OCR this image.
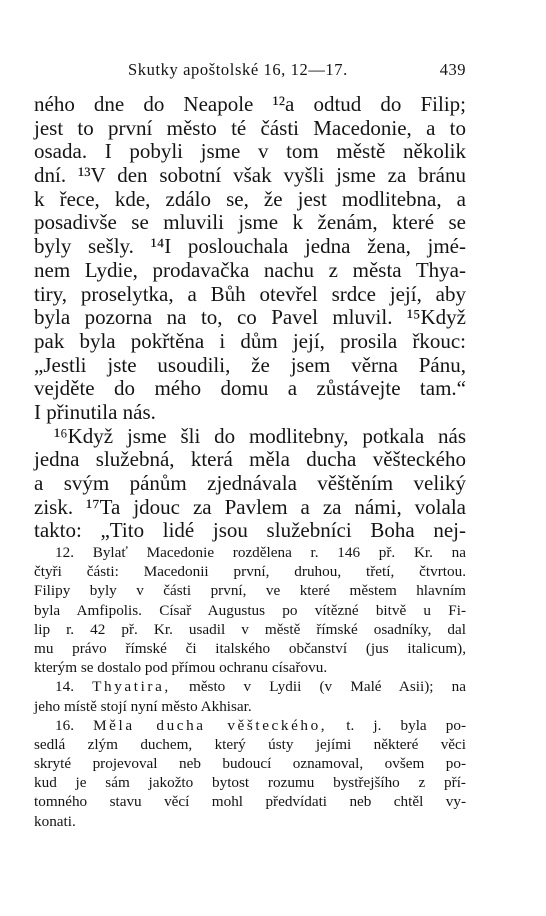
Skutky apoštolské 16, 12—17.	439
ného dne do Neapole ¹²a odtud do Filip;
jest to první město té části Macedonie, a to
osada. I pobyli jsme v tom městě několik
dní. ¹³V den sobotní však vyšli jsme za bránu
k řece, kde, zdálo se, že jest modlitebna, a
posadivše se mluvili jsme k ženám, které se
byly sešly. ¹⁴I poslouchala jedna žena, jmé-
nem Lydie, prodavačka nachu z města Thya-
tiry, proselytka, a Bůh otevřel srdce její, aby
byla pozorna na to, co Pavel mluvil. ¹⁵Když
pak byla pokřtěna i dům její, prosila řkouc:
„Jestli jste usoudili, že jsem věrna Pánu,
vejděte do mého domu a zůstávejte tam.“
I přinutila nás.
¹⁶Když jsme šli do modlitebny, potkala nás
jedna služebná, která měla ducha věšteckého
a svým pánům zjednávala věštěním veliký
zisk. ¹⁷Ta jdouc za Pavlem a za námi, volala
takto: „Tito lidé jsou služebníci Boha nej-
12. Bylať Macedonie rozdělena r. 146 př. Kr. na
čtyři části: Macedonii první, druhou, třetí, čtvrtou.
Filipy byly v části první, ve které městem hlavním
byla Amfipolis. Císař Augustus po vítězné bitvě u Fi-
lip r. 42 př. Kr. usadil v městě římské osadníky, dal
mu právo římské či italského občanství (jus italicum),
kterým se dostalo pod přímou ochranu císařovu.
14. Thyatira, město v Lydii (v Malé Asii); na
jeho místě stojí nyní město Akhisar.
16. Měla ducha věšteckého, t. j. byla po-
sedlá zlým duchem, který ústy jejími některé věci
skryté projevoval neb budoucí oznamoval, ovšem po-
kud je sám jakožto bytost rozumu bystřejšího z pří-
tomného stavu věcí mohl předvídati neb chtěl vy-
konati.
